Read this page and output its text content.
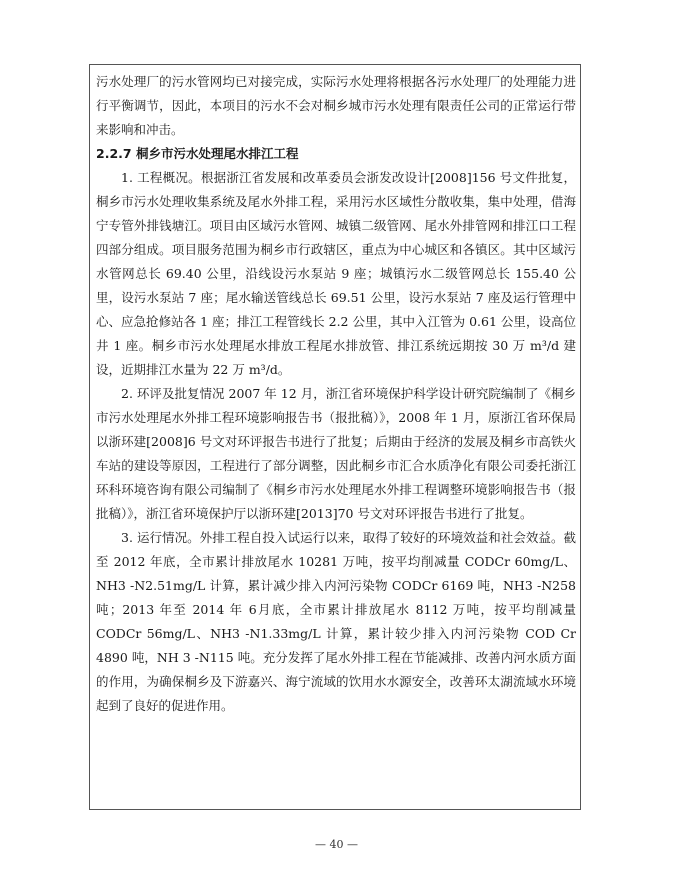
污水处理厂的污水管网均已对接完成，实际污水处理将根据各污水处理厂的处理能力进行平衡调节，因此，本项目的污水不会对桐乡城市污水处理有限责任公司的正常运行带来影响和冲击。

2.2.7 桐乡市污水处理尾水排江工程

1. 工程概况。根据浙江省发展和改革委员会浙发改设计[2008]156 号文件批复，桐乡市污水处理收集系统及尾水外排工程，采用污水区域性分散收集，集中处理，借海宁专管外排钱塘江。项目由区域污水管网、城镇二级管网、尾水外排管网和排江口工程四部分组成。项目服务范围为桐乡市行政辖区，重点为中心城区和各镇区。其中区域污水管网总长 69.40 公里，沿线设污水泵站 9 座；城镇污水二级管网总长 155.40 公里，设污水泵站 7 座；尾水输送管线总长 69.51 公里，设污水泵站 7 座及运行管理中心、应急抢修站各 1 座；排江工程管线长 2.2 公里，其中入江管为 0.61 公里，设高位井 1 座。桐乡市污水处理尾水排放工程尾水排放管、排江系统远期按 30 万 m³/d 建设，近期排江水量为 22 万 m³/d。

2. 环评及批复情况 2007 年 12 月，浙江省环境保护科学设计研究院编制了《桐乡市污水处理尾水外排工程环境影响报告书（报批稿）》，2008 年 1 月，原浙江省环保局以浙环建[2008]6 号文对环评报告书进行了批复；后期由于经济的发展及桐乡市高铁火车站的建设等原因，工程进行了部分调整，因此桐乡市汇合水质净化有限公司委托浙江环科环境咨询有限公司编制了《桐乡市污水处理尾水外排工程调整环境影响报告书（报批稿）》，浙江省环境保护厅以浙环建[2013]70 号文对环评报告书进行了批复。

3. 运行情况。外排工程自投入试运行以来，取得了较好的环境效益和社会效益。截至 2012 年底，全市累计排放尾水 10281 万吨，按平均削减量 CODCr 60mg/L、NH3 -N2.51mg/L 计算，累计减少排入内河污染物 CODCr 6169 吨，NH3 -N258 吨；2013 年至 2014 年 6月底，全市累计排放尾水 8112 万吨，按平均削减量 CODCr 56mg/L、NH3 -N1.33mg/L 计算，累计较少排入内河污染物 COD Cr 4890 吨，NH 3 -N115 吨。充分发挥了尾水外排工程在节能减排、改善内河水质方面的作用，为确保桐乡及下游嘉兴、海宁流域的饮用水水源安全，改善环太湖流域水环境起到了良好的促进作用。

— 40 —
